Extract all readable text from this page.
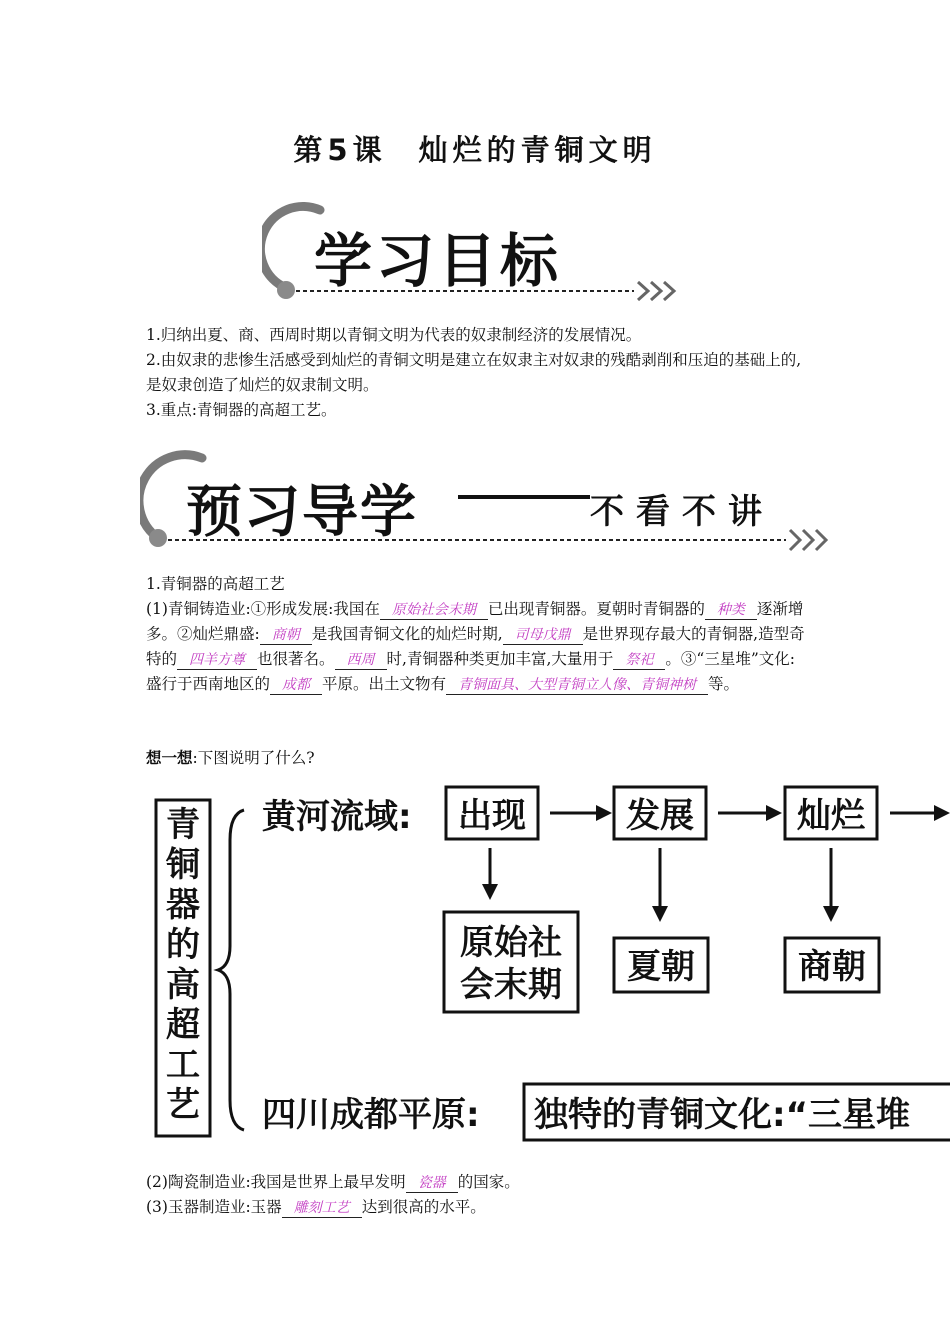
第5课 灿烂的青铜文明
学习目标

1.归纳出夏、商、西周时期以青铜文明为代表的奴隶制经济的发展情况。

2.由奴隶的悲惨生活感受到灿烂的青铜文明是建立在奴隶主对奴隶的残酷剥削和压迫的基础上的,是奴隶创造了灿烂的奴隶制文明。

3.重点:青铜器的高超工艺。

预习导学	不看不讲

1.青铜器的高超工艺

(1)青铜铸造业:①形成发展:我国在 原始社会末期 已出现青铜器。夏朝时青铜器的 种类 逐渐增多。②灿烂鼎盛: 商朝 是我国青铜文化的灿烂时期, 司母戊鼎 是世界现存最大的青铜器,造型奇特的 四羊方尊 也很著名。 西周 时,青铜器种类更加丰富,大量用于 祭祀 。③“三星堆”文化:盛行于西南地区的 成都 平原。出土文物有 青铜面具、大型青铜立人像、青铜神树 等。

想一想:下图说明了什么?
青
铜
器
的
高
超
工
艺
黄河流域: 出现	发展	灿烂
原始社
会末期 夏朝	商朝
四川成都平原: 独特的青铜文化:“三星堆
(2)陶瓷制造业:我国是世界上最早发明 瓷器 的国家。
(3)玉器制造业:玉器 雕刻工艺 达到很高的水平。
